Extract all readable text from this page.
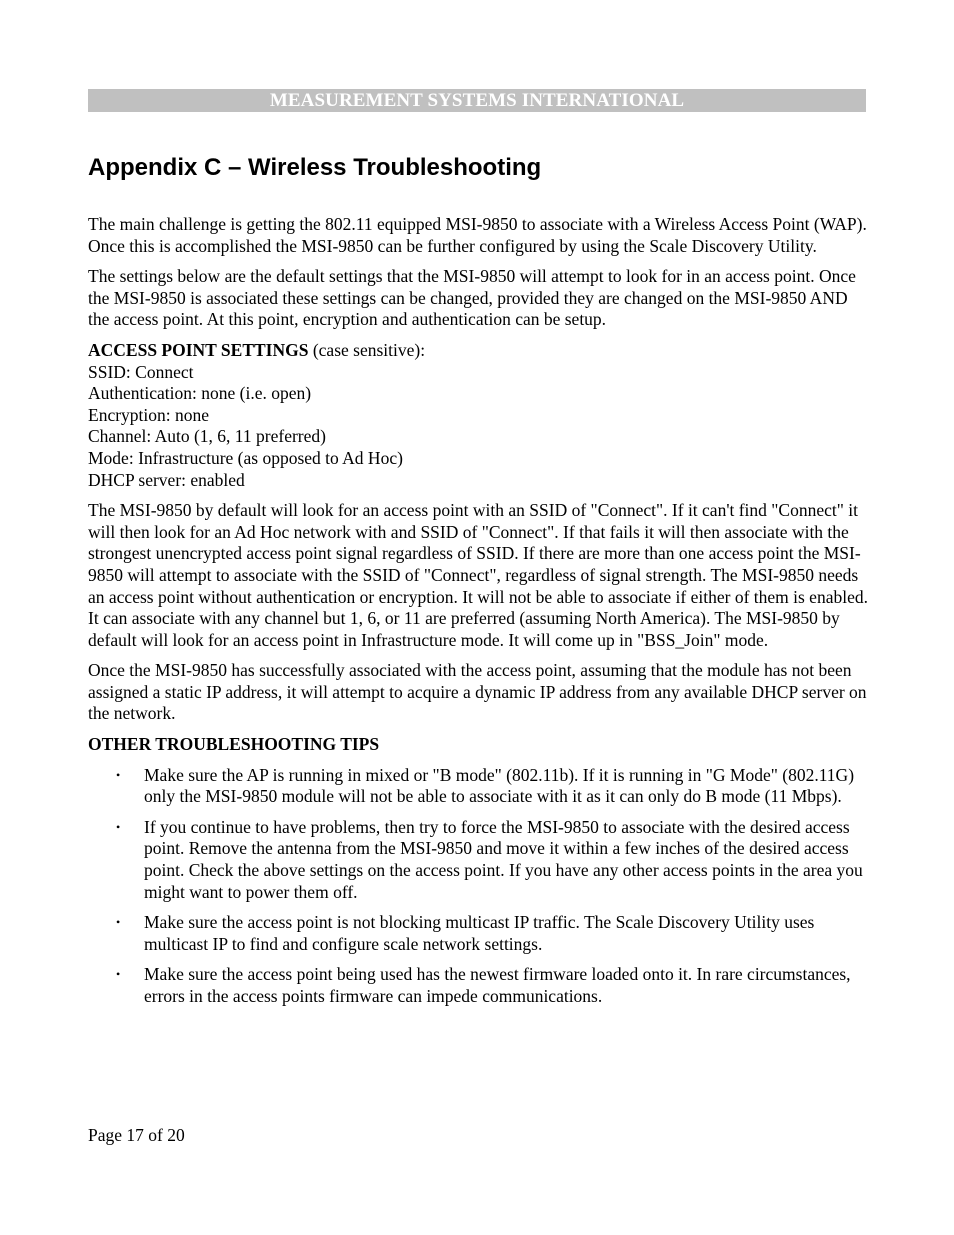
MEASUREMENT SYSTEMS INTERNATIONAL
Appendix C – Wireless Troubleshooting

The main challenge is getting the 802.11 equipped MSI-9850 to associate with a Wireless Access Point (WAP). Once this is accomplished the MSI-9850 can be further configured by using the Scale Discovery Utility.

The settings below are the default settings that the MSI-9850 will attempt to look for in an access point. Once the MSI-9850 is associated these settings can be changed, provided they are changed on the MSI-9850 AND the access point. At this point, encryption and authentication can be setup.

ACCESS POINT SETTINGS (case sensitive):
SSID: Connect
Authentication: none (i.e. open)
Encryption: none
Channel: Auto (1, 6, 11 preferred)
Mode: Infrastructure (as opposed to Ad Hoc)
DHCP server: enabled

The MSI-9850 by default will look for an access point with an SSID of "Connect". If it can't find "Connect" it will then look for an Ad Hoc network with and SSID of "Connect". If that fails it will then associate with the strongest unencrypted access point signal regardless of SSID. If there are more than one access point the MSI-9850 will attempt to associate with the SSID of "Connect", regardless of signal strength. The MSI-9850 needs an access point without authentication or encryption. It will not be able to associate if either of them is enabled. It can associate with any channel but 1, 6, or 11 are preferred (assuming North America). The MSI-9850 by default will look for an access point in Infrastructure mode. It will come up in "BSS_Join" mode.

Once the MSI-9850 has successfully associated with the access point, assuming that the module has not been assigned a static IP address, it will attempt to acquire a dynamic IP address from any available DHCP server on the network.

OTHER TROUBLESHOOTING TIPS

• Make sure the AP is running in mixed or "B mode" (802.11b). If it is running in "G Mode" (802.11G) only the MSI-9850 module will not be able to associate with it as it can only do B mode (11 Mbps).
• If you continue to have problems, then try to force the MSI-9850 to associate with the desired access point. Remove the antenna from the MSI-9850 and move it within a few inches of the desired access point. Check the above settings on the access point. If you have any other access points in the area you might want to power them off.
• Make sure the access point is not blocking multicast IP traffic. The Scale Discovery Utility uses multicast IP to find and configure scale network settings.
• Make sure the access point being used has the newest firmware loaded onto it. In rare circumstances, errors in the access points firmware can impede communications.
Page 17 of 20
